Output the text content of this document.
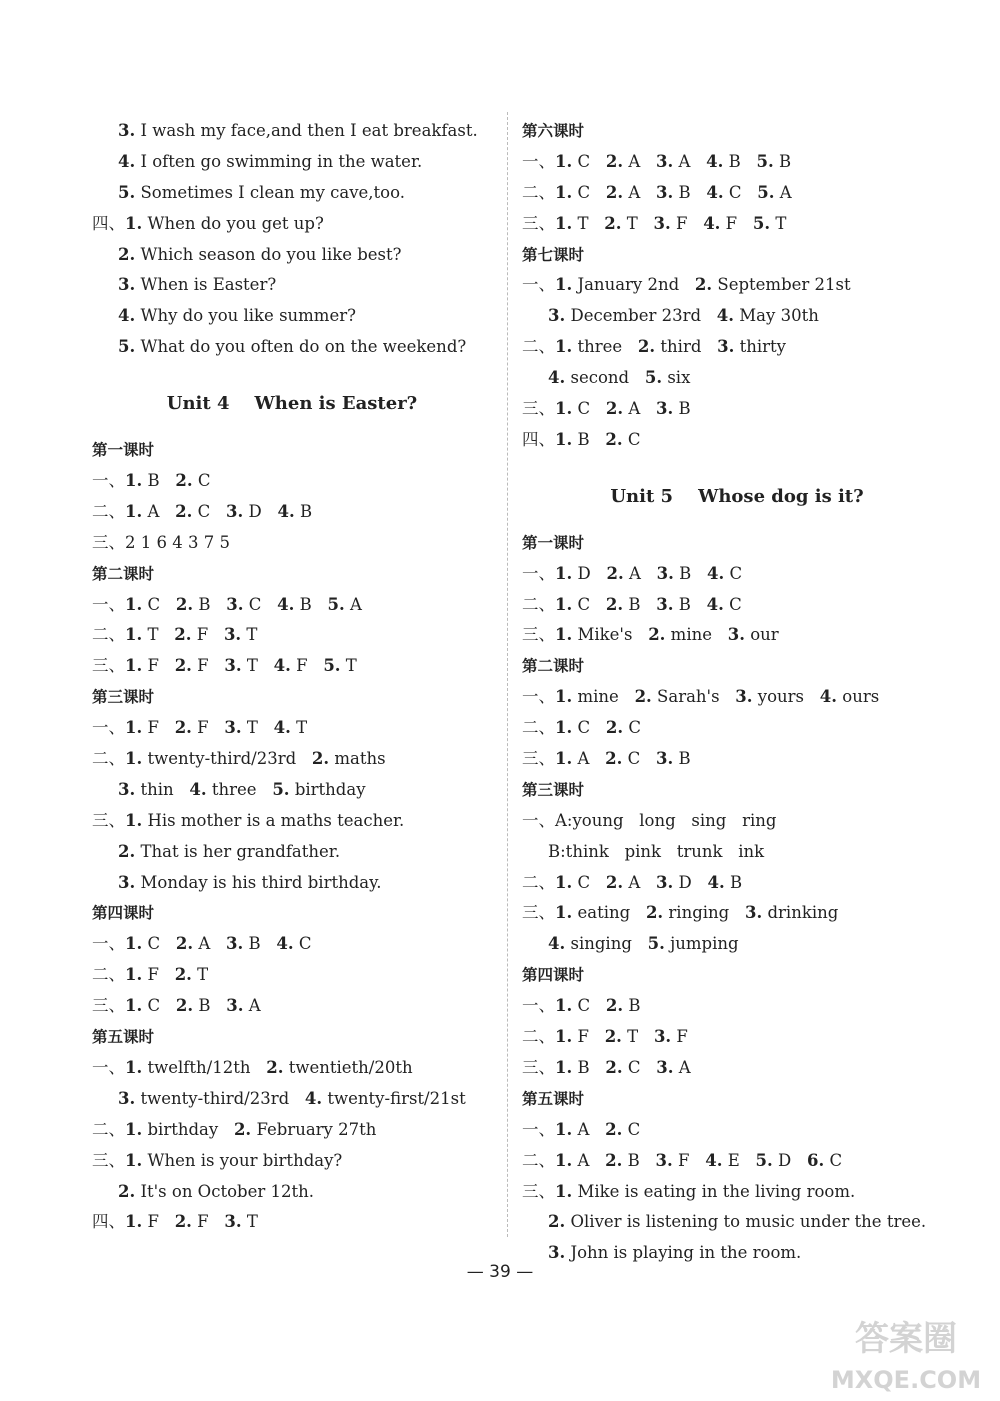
3. I wash my face,and then I eat breakfast.
4. I often go swimming in the water.
5. Sometimes I clean my cave,too.
四、1. When do you get up?
2. Which season do you like best?
3. When is Easter?
4. Why do you like summer?
5. What do you often do on the weekend?
Unit 4    When is Easter?
第一课时
一、1. B 2. C
二、1. A 2. C 3. D 4. B
三、2 1 6 4 3 7 5
第二课时
一、1. C 2. B 3. C 4. B 5. A
二、1. T 2. F 3. T
三、1. F 2. F 3. T 4. F 5. T
第三课时
一、1. F 2. F 3. T 4. T
二、1. twenty-third/23rd 2. maths
3. thin 4. three 5. birthday
三、1. His mother is a maths teacher.
2. That is her grandfather.
3. Monday is his third birthday.
第四课时
一、1. C 2. A 3. B 4. C
二、1. F 2. T
三、1. C 2. B 3. A
第五课时
一、1. twelfth/12th 2. twentieth/20th
3. twenty-third/23rd 4. twenty-first/21st
二、1. birthday 2. February 27th
三、1. When is your birthday?
2. It's on October 12th.
四、1. F 2. F 3. T
第六课时
一、1. C 2. A 3. A 4. B 5. B
二、1. C 2. A 3. B 4. C 5. A
三、1. T 2. T 3. F 4. F 5. T
第七课时
一、1. January 2nd 2. September 21st
3. December 23rd 4. May 30th
二、1. three 2. third 3. thirty
4. second 5. six
三、1. C 2. A 3. B
四、1. B 2. C
Unit 5    Whose dog is it?
第一课时
一、1. D 2. A 3. B 4. C
二、1. C 2. B 3. B 4. C
三、1. Mike's 2. mine 3. our
第二课时
一、1. mine 2. Sarah's 3. yours 4. ours
二、1. C 2. C
三、1. A 2. C 3. B
第三课时
一、A:young   long   sing   ring
B:think   pink   trunk   ink
二、1. C 2. A 3. D 4. B
三、1. eating 2. ringing 3. drinking
4. singing 5. jumping
第四课时
一、1. C 2. B
二、1. F 2. T 3. F
三、1. B 2. C 3. A
第五课时
一、1. A 2. C
二、1. A 2. B 3. F 4. E 5. D 6. C
三、1. Mike is eating in the living room.
2. Oliver is listening to music under the tree.
3. John is playing in the room.
— 39 —
答案圈
MXQE.COM
